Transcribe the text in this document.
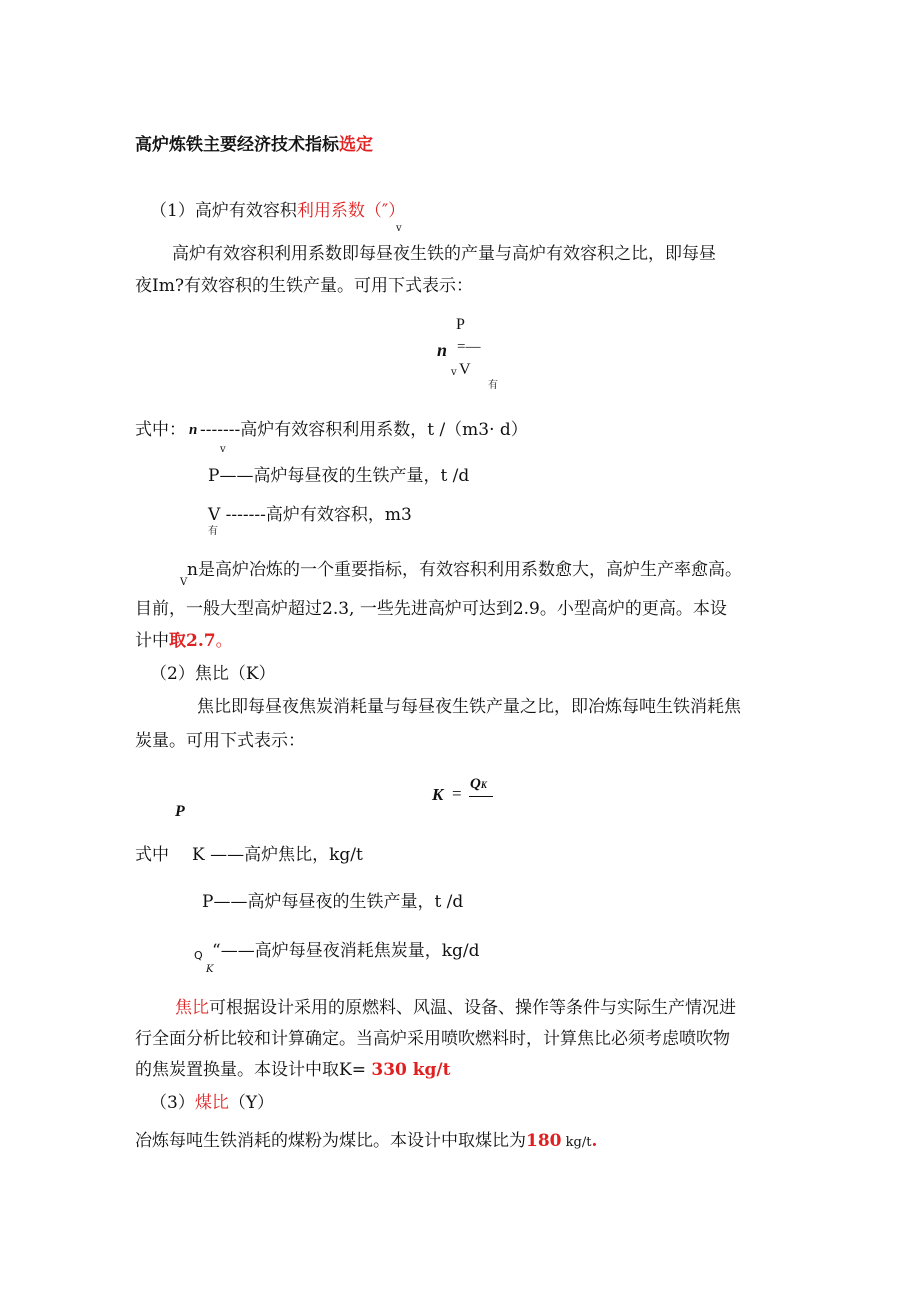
高炉炼铁主要经济技术指标选定
（1）高炉有效容积利用系数（″）
v
高炉有效容积利用系数即每昼夜生铁的产量与高炉有效容积之比，即每昼
夜Im?有效容积的生铁产量。可用下式表示：
P
n =—
v V
有
式中： n -------高炉有效容积利用系数，t /（m3· d）
v
P——高炉每昼夜的生铁产量，t /d
V -------高炉有效容积，m3
有
V
n是高炉冶炼的一个重要指标，有效容积利用系数愈大，高炉生产率愈高。
目前，一般大型高炉超过2.3, 一些先进高炉可达到2.9。小型高炉的更高。本设
计中取2.7。
（2）焦比（K）
焦比即每昼夜焦炭消耗量与每昼夜生铁产量之比，即冶炼每吨生铁消耗焦
炭量。可用下式表示：
K = QK
P
式中 K ——高炉焦比，kg/t
P——高炉每昼夜的生铁产量，t /d
Q “——高炉每昼夜消耗焦炭量，kg/d
K
焦比可根据设计采用的原燃料、风温、设备、操作等条件与实际生产情况进
行全面分析比较和计算确定。当高炉采用喷吹燃料时，计算焦比必须考虑喷吹物
的焦炭置换量。本设计中取K= 330 kg/t
（3）煤比（Y）
冶炼每吨生铁消耗的煤粉为煤比。本设计中取煤比为180 kg/t.
